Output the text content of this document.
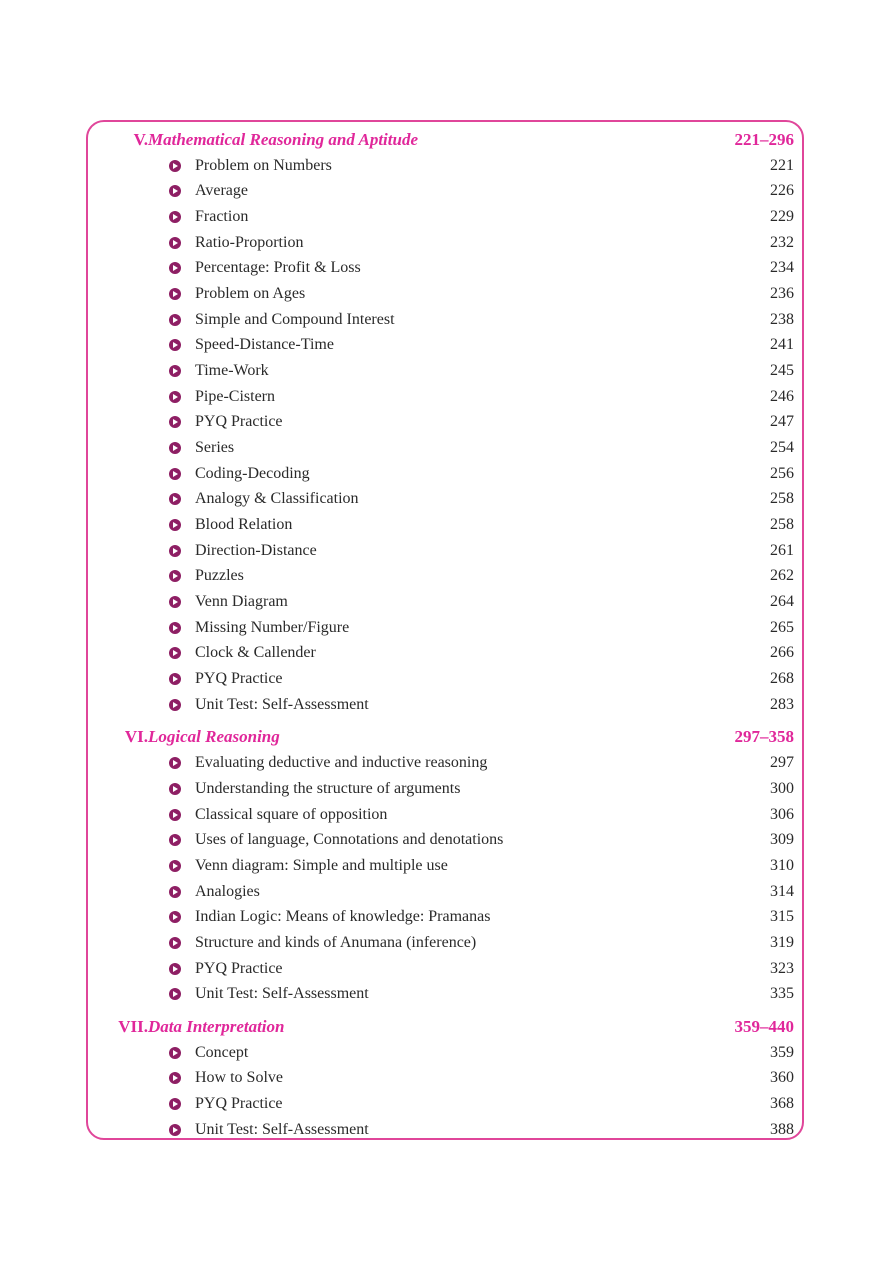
V. Mathematical Reasoning and Aptitude	221–296
Problem on Numbers	221
Average	226
Fraction	229
Ratio-Proportion	232
Percentage: Profit & Loss	234
Problem on Ages	236
Simple and Compound Interest	238
Speed-Distance-Time	241
Time-Work	245
Pipe-Cistern	246
PYQ Practice	247
Series	254
Coding-Decoding	256
Analogy & Classification	258
Blood Relation	258
Direction-Distance	261
Puzzles	262
Venn Diagram	264
Missing Number/Figure	265
Clock & Callender	266
PYQ Practice	268
Unit Test: Self-Assessment	283
VI. Logical Reasoning	297–358
Evaluating deductive and inductive reasoning	297
Understanding the structure of arguments	300
Classical square of opposition	306
Uses of language, Connotations and denotations	309
Venn diagram: Simple and multiple use	310
Analogies	314
Indian Logic: Means of knowledge: Pramanas	315
Structure and kinds of Anumana (inference)	319
PYQ Practice	323
Unit Test: Self-Assessment	335
VII. Data Interpretation	359–440
Concept	359
How to Solve	360
PYQ Practice	368
Unit Test: Self-Assessment	388
